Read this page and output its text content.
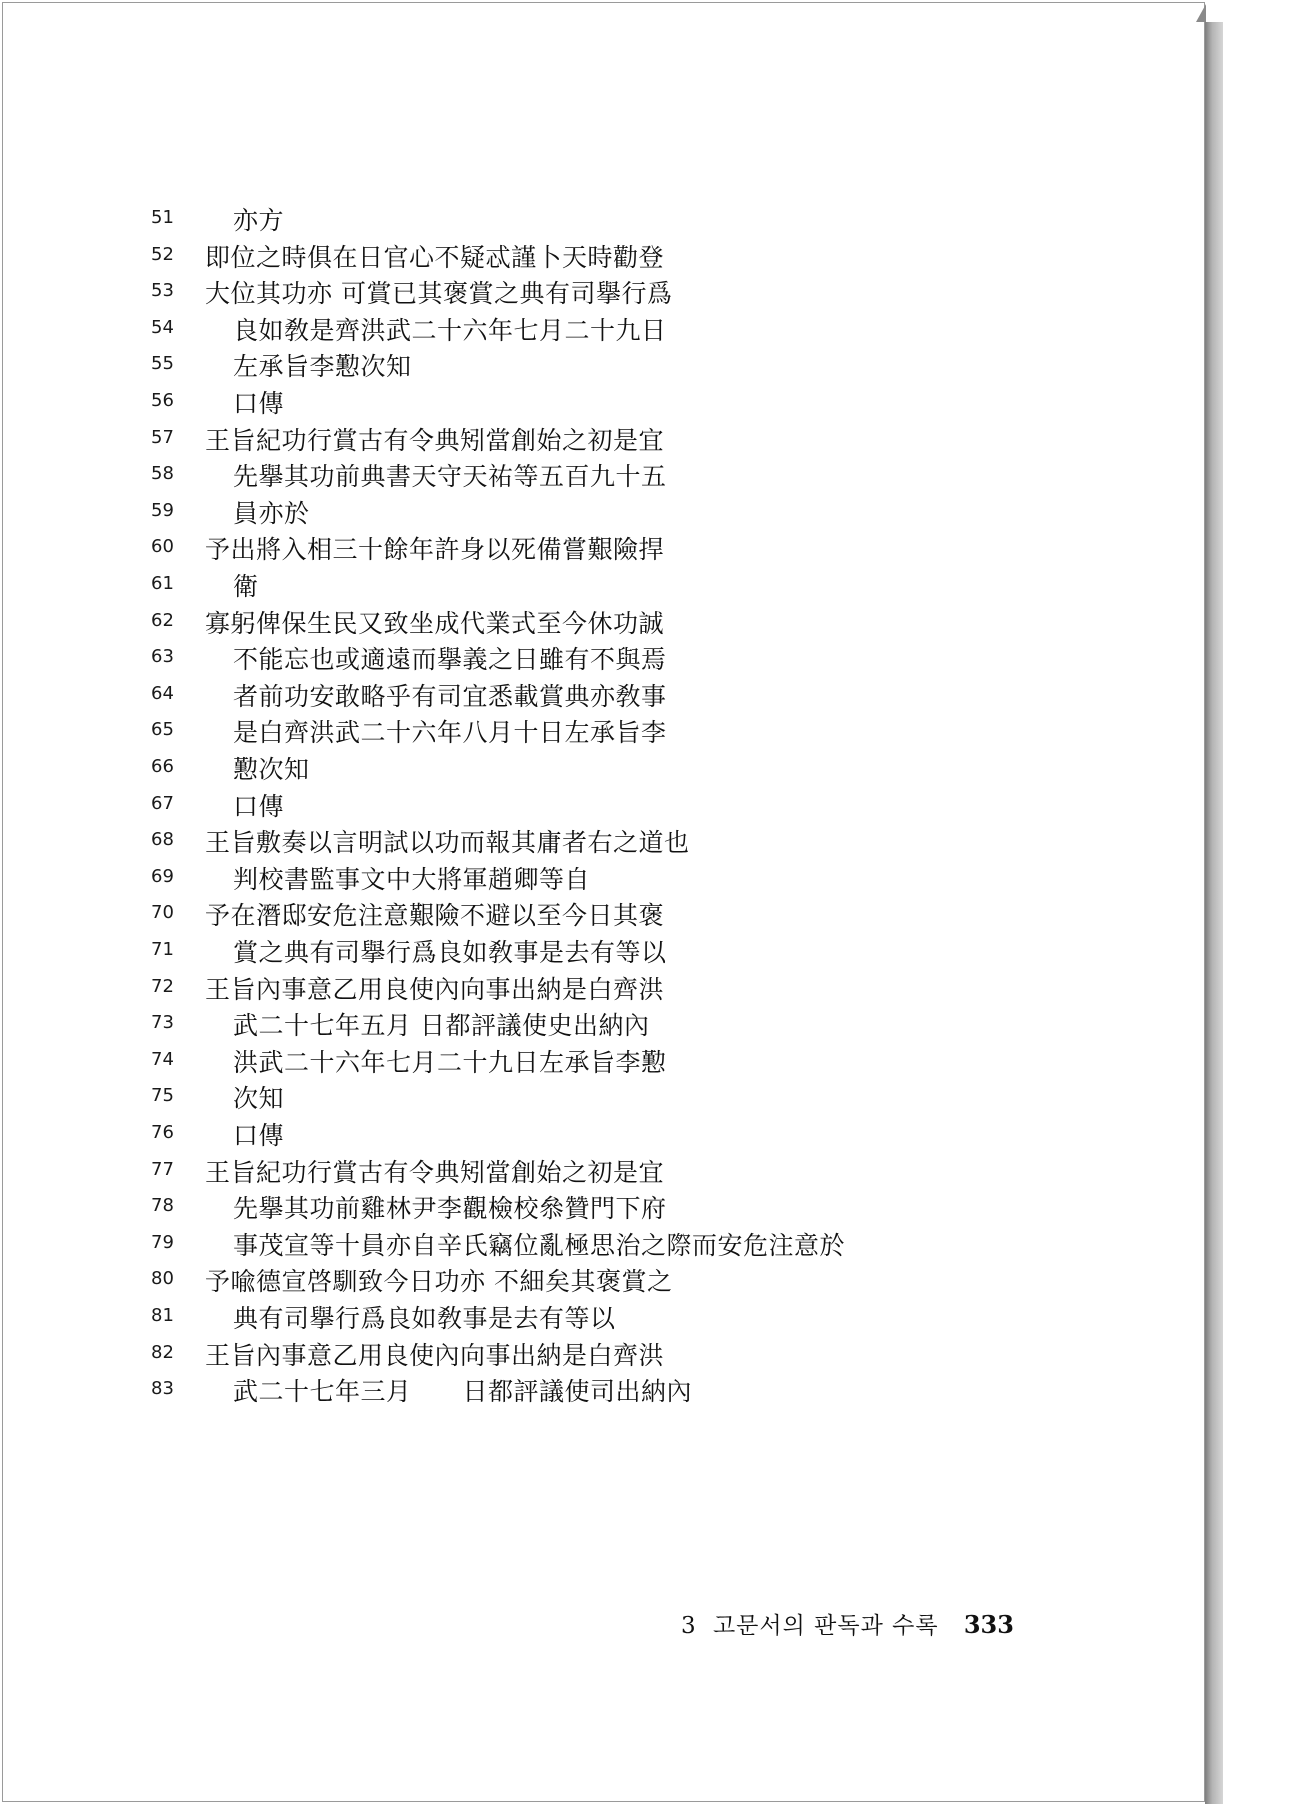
51 亦方
52 即位之時俱在日官心不疑忒謹卜天時勸登
53 大位其功亦 可賞已其褒賞之典有司擧行爲
54 良如敎是齊洪武二十六年七月二十九日
55 左承旨李懃次知
56 口傳
57 王旨紀功行賞古有令典矧當創始之初是宜
58 先擧其功前典書天守天祐等五百九十五
59 員亦於
60 予出將入相三十餘年許身以死備嘗艱險捍
61 衛
62 寡躬俾保生民又致坐成代業式至今休功誠
63 不能忘也或適遠而擧義之日雖有不與焉
64 者前功安敢略乎有司宜悉載賞典亦敎事
65 是白齊洪武二十六年八月十日左承旨李
66 懃次知
67 口傳
68 王旨敷奏以言明試以功而報其庸者右之道也
69 判校書監事文中大將軍趙卿等自
70 予在潛邸安危注意艱險不避以至今日其褒
71 賞之典有司擧行爲良如敎事是去有等以
72 王旨內事意乙用良使內向事出納是白齊洪
73 武二十七年五月 日都評議使史出納內
74 洪武二十六年七月二十九日左承旨李懃
75 次知
76 口傳
77 王旨紀功行賞古有令典矧當創始之初是宜
78 先擧其功前雞林尹李觀檢校叅贊門下府
79 事茂宣等十員亦自辛氏竊位亂極思治之際而安危注意於
80 予喩德宣啓馴致今日功亦 不細矣其褒賞之
81 典有司擧行爲良如敎事是去有等以
82 王旨內事意乙用良使內向事出納是白齊洪
83 武二十七年三月　　日都評議使司出納內
3 고문서의 판독과 수록 333
